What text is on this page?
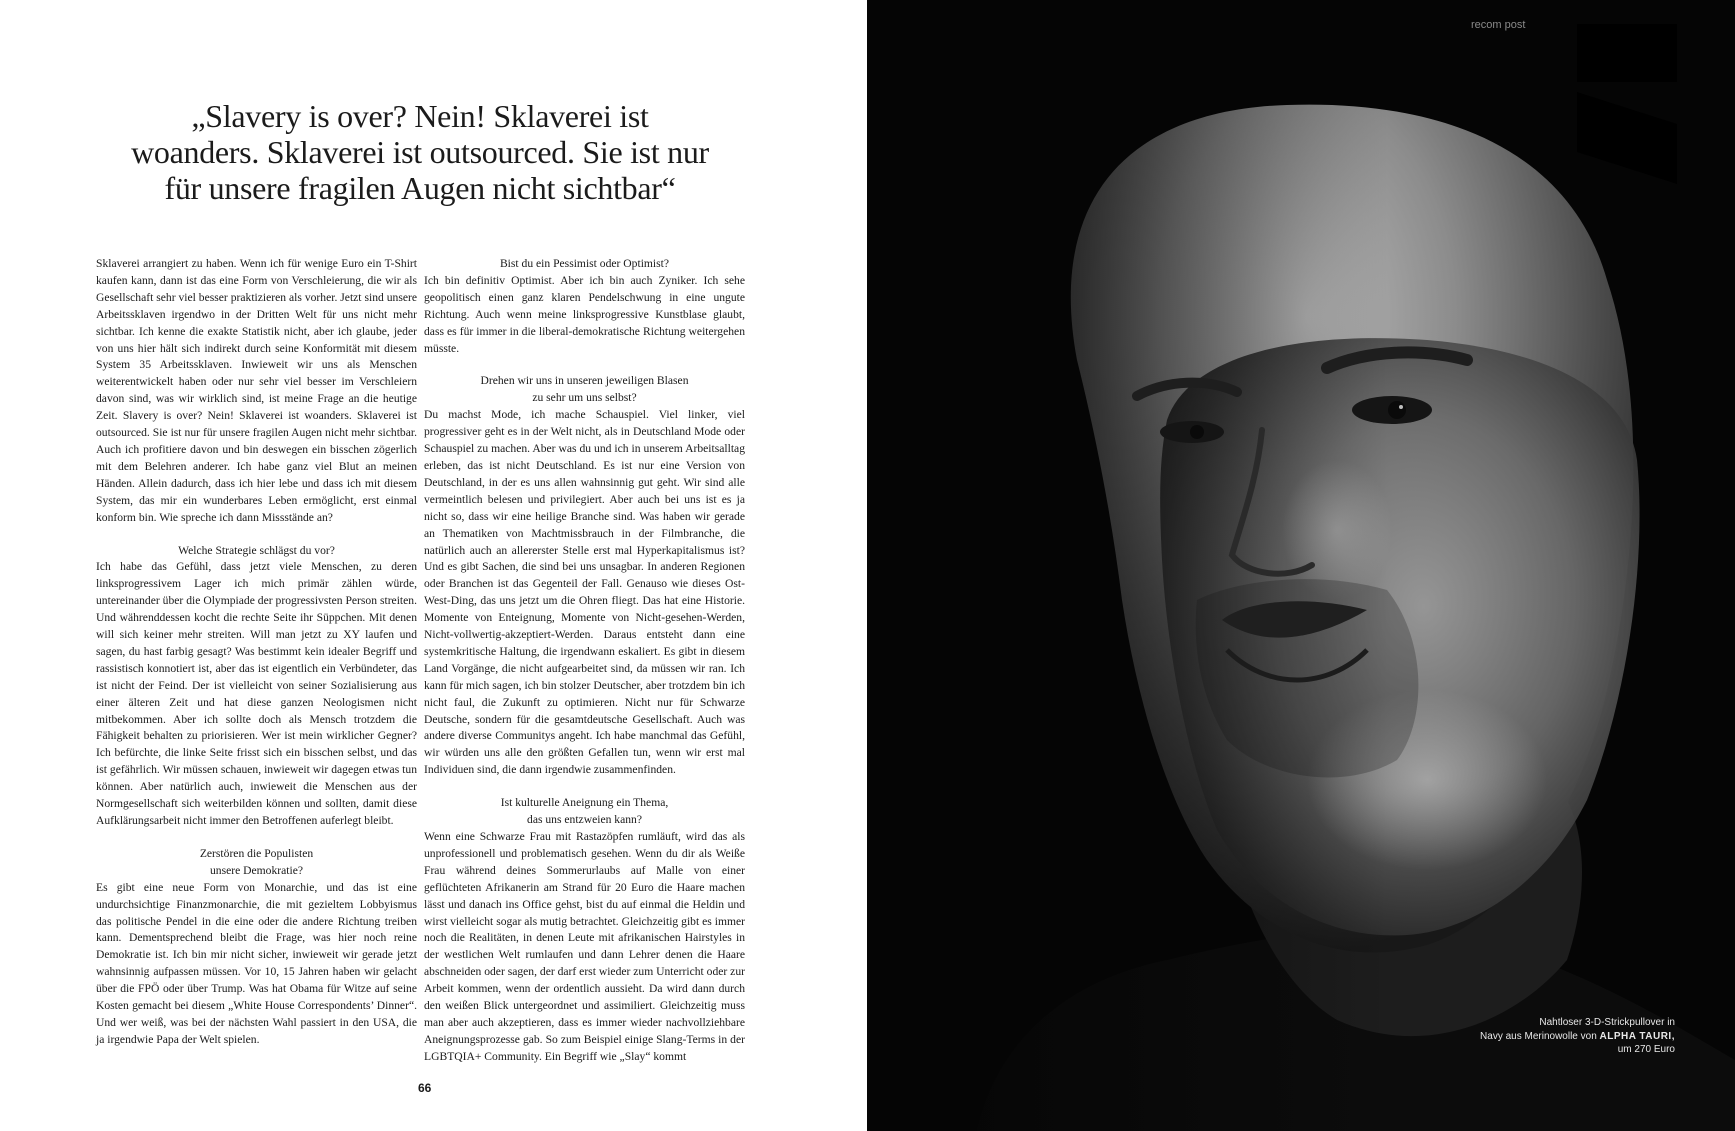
„Slavery is over? Nein! Sklaverei ist
woanders. Sklaverei ist outsourced. Sie ist nur
für unsere fragilen Augen nicht sichtbar“

Sklaverei arrangiert zu haben. Wenn ich für wenige Euro ein T-Shirt kaufen kann, dann ist das eine Form von Verschleierung, die wir als Gesellschaft sehr viel besser praktizieren als vorher. Jetzt sind unsere Arbeitssklaven irgendwo in der Dritten Welt für uns nicht mehr sichtbar. Ich kenne die exakte Statistik nicht, aber ich glaube, jeder von uns hier hält sich indirekt durch seine Konformität mit diesem System 35 Arbeitssklaven. Inwieweit wir uns als Menschen weiterentwickelt haben oder nur sehr viel besser im Verschleiern davon sind, was wir wirklich sind, ist meine Frage an die heutige Zeit. Slavery is over? Nein! Sklaverei ist woanders. Sklaverei ist outsourced. Sie ist nur für unsere fragilen Augen nicht mehr sichtbar. Auch ich profitiere davon und bin deswegen ein bisschen zögerlich mit dem Belehren anderer. Ich habe ganz viel Blut an meinen Händen. Allein dadurch, dass ich hier lebe und dass ich mit diesem System, das mir ein wunderbares Leben ermöglicht, erst einmal konform bin. Wie spreche ich dann Missstände an?

Welche Strategie schlägst du vor?

Ich habe das Gefühl, dass jetzt viele Menschen, zu deren linksprogressivem Lager ich mich primär zählen würde, untereinander über die Olympiade der progressivsten Person streiten. Und währenddessen kocht die rechte Seite ihr Süppchen. Mit denen will sich keiner mehr streiten. Will man jetzt zu XY laufen und sagen, du hast farbig gesagt? Was bestimmt kein idealer Begriff und rassistisch konnotiert ist, aber das ist eigentlich ein Verbündeter, das ist nicht der Feind. Der ist vielleicht von seiner Sozialisierung aus einer älteren Zeit und hat diese ganzen Neologismen nicht mitbekommen. Aber ich sollte doch als Mensch trotzdem die Fähigkeit behalten zu priorisieren. Wer ist mein wirklicher Gegner? Ich befürchte, die linke Seite frisst sich ein bisschen selbst, und das ist gefährlich. Wir müssen schauen, inwieweit wir dagegen etwas tun können. Aber natürlich auch, inwieweit die Menschen aus der Normgesellschaft sich weiterbilden können und sollten, damit diese Aufklärungsarbeit nicht immer den Betroffenen auferlegt bleibt.

Zerstören die Populisten
unsere Demokratie?

Es gibt eine neue Form von Monarchie, und das ist eine undurchsichtige Finanzmonarchie, die mit gezieltem Lobbyismus das politische Pendel in die eine oder die andere Richtung treiben kann. Dementsprechend bleibt die Frage, was hier noch reine Demokratie ist. Ich bin mir nicht sicher, inwieweit wir gerade jetzt wahnsinnig aufpassen müssen. Vor 10, 15 Jahren haben wir gelacht über die FPÖ oder über Trump. Was hat Obama für Witze auf seine Kosten gemacht bei diesem „White House Correspondents’ Dinner“. Und wer weiß, was bei der nächsten Wahl passiert in den USA, die ja irgendwie Papa der Welt spielen.

Bist du ein Pessimist oder Optimist?

Ich bin definitiv Optimist. Aber ich bin auch Zyniker. Ich sehe geopolitisch einen ganz klaren Pendelschwung in eine ungute Richtung. Auch wenn meine linksprogressive Kunstblase glaubt, dass es für immer in die liberal-demokratische Richtung weitergehen müsste.

Drehen wir uns in unseren jeweiligen Blasen
zu sehr um uns selbst?

Du machst Mode, ich mache Schauspiel. Viel linker, viel progressiver geht es in der Welt nicht, als in Deutschland Mode oder Schauspiel zu machen. Aber was du und ich in unserem Arbeitsalltag erleben, das ist nicht Deutschland. Es ist nur eine Version von Deutschland, in der es uns allen wahnsinnig gut geht. Wir sind alle vermeintlich belesen und privilegiert. Aber auch bei uns ist es ja nicht so, dass wir eine heilige Branche sind. Was haben wir gerade an Thematiken von Machtmissbrauch in der Filmbranche, die natürlich auch an allererster Stelle erst mal Hyperkapitalismus ist? Und es gibt Sachen, die sind bei uns unsagbar. In anderen Regionen oder Branchen ist das Gegenteil der Fall. Genauso wie dieses Ost-West-Ding, das uns jetzt um die Ohren fliegt. Das hat eine Historie. Momente von Enteignung, Momente von Nicht-gesehen-Werden, Nicht-vollwertig-akzeptiert-Werden. Daraus entsteht dann eine systemkritische Haltung, die irgendwann eskaliert. Es gibt in diesem Land Vorgänge, die nicht aufgearbeitet sind, da müssen wir ran. Ich kann für mich sagen, ich bin stolzer Deutscher, aber trotzdem bin ich nicht faul, die Zukunft zu optimieren. Nicht nur für Schwarze Deutsche, sondern für die gesamtdeutsche Gesellschaft. Auch was andere diverse Communitys angeht. Ich habe manchmal das Gefühl, wir würden uns alle den größten Gefallen tun, wenn wir erst mal Individuen sind, die dann irgendwie zusammenfinden.

Ist kulturelle Aneignung ein Thema,
das uns entzweien kann?

Wenn eine Schwarze Frau mit Rastazöpfen rumläuft, wird das als unprofessionell und problematisch gesehen. Wenn du dir als Weiße Frau während deines Sommerurlaubs auf Malle von einer geflüchteten Afrikanerin am Strand für 20 Euro die Haare machen lässt und danach ins Office gehst, bist du auf einmal die Heldin und wirst vielleicht sogar als mutig betrachtet. Gleichzeitig gibt es immer noch die Realitäten, in denen Leute mit afrikanischen Hairstyles in der westlichen Welt rumlaufen und dann Lehrer denen die Haare abschneiden oder sagen, der darf erst wieder zum Unterricht oder zur Arbeit kommen, wenn der ordentlich aussieht. Da wird dann durch den weißen Blick untergeordnet und assimiliert. Gleichzeitig muss man aber auch akzeptieren, dass es immer wieder nachvollziehbare Aneignungsprozesse gab. So zum Beispiel einige Slang-Terms in der LGBTQIA+ Community. Ein Begriff wie „Slay“ kommt

66
recom post
Nahtloser 3-D-Strickpullover in
Navy aus Merinowolle von ALPHA TAURI,
um 270 Euro
